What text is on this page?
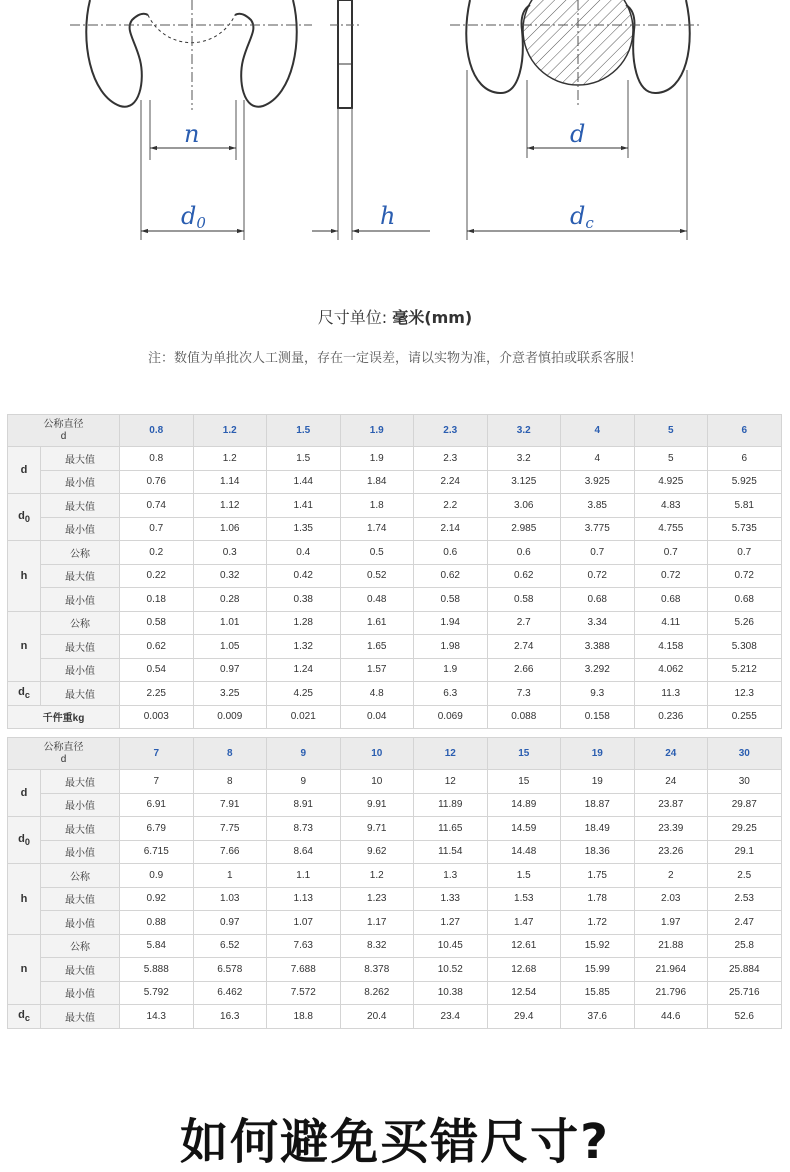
n
d0	h
d
dc
尺寸单位: 毫米(mm)
注：数值为单批次人工测量，存在一定误差，请以实物为准，介意者慎拍或联系客服！
公称直径
d		0.8	1.2	1.5	1.9	2.3	3.2	4	5	6
d	最大值	0.8	1.2	1.5	1.9	2.3	3.2	4	5	6
	最小值	0.76	1.14	1.44	1.84	2.24	3.125	3.925	4.925	5.925
$d_0$	最大值	0.74	1.12	1.41	1.8	2.2	3.06	3.85	4.83	5.81
	最小值	0.7	1.06	1.35	1.74	2.14	2.985	3.775	4.755	5.735
h	公称	0.2	0.3	0.4	0.5	0.6	0.6	0.7	0.7	0.7
	最大值	0.22	0.32	0.42	0.52	0.62	0.62	0.72	0.72	0.72
	最小值	0.18	0.28	0.38	0.48	0.58	0.58	0.68	0.68	0.68
n	公称	0.58	1.01	1.28	1.61	1.94	2.7	3.34	4.11	5.26
	最大值	0.62	1.05	1.32	1.65	1.98	2.74	3.388	4.158	5.308
	最小值	0.54	0.97	1.24	1.57	1.9	2.66	3.292	4.062	5.212
$d_c$	最大值	2.25	3.25	4.25	4.8	6.3	7.3	9.3	11.3	12.3
千件重kg		0.003	0.009	0.021	0.04	0.069	0.088	0.158	0.236	0.255
公称直径
d		7	8	9	10	12	15	19	24	30
d	最大值	7	8	9	10	12	15	19	24	30
	最小值	6.91	7.91	8.91	9.91	11.89	14.89	18.87	23.87	29.87
$d_0$	最大值	6.79	7.75	8.73	9.71	11.65	14.59	18.49	23.39	29.25
	最小值	6.715	7.66	8.64	9.62	11.54	14.48	18.36	23.26	29.1
h	公称	0.9	1	1.1	1.2	1.3	1.5	1.75	2	2.5
	最大值	0.92	1.03	1.13	1.23	1.33	1.53	1.78	2.03	2.53
	最小值	0.88	0.97	1.07	1.17	1.27	1.47	1.72	1.97	2.47
n	公称	5.84	6.52	7.63	8.32	10.45	12.61	15.92	21.88	25.8
	最大值	5.888	6.578	7.688	8.378	10.52	12.68	15.99	21.964	25.884
	最小值	5.792	6.462	7.572	8.262	10.38	12.54	15.85	21.796	25.716
$d_c$	最大值	14.3	16.3	18.8	20.4	23.4	29.4	37.6	44.6	52.6
如何避免买错尺寸?
